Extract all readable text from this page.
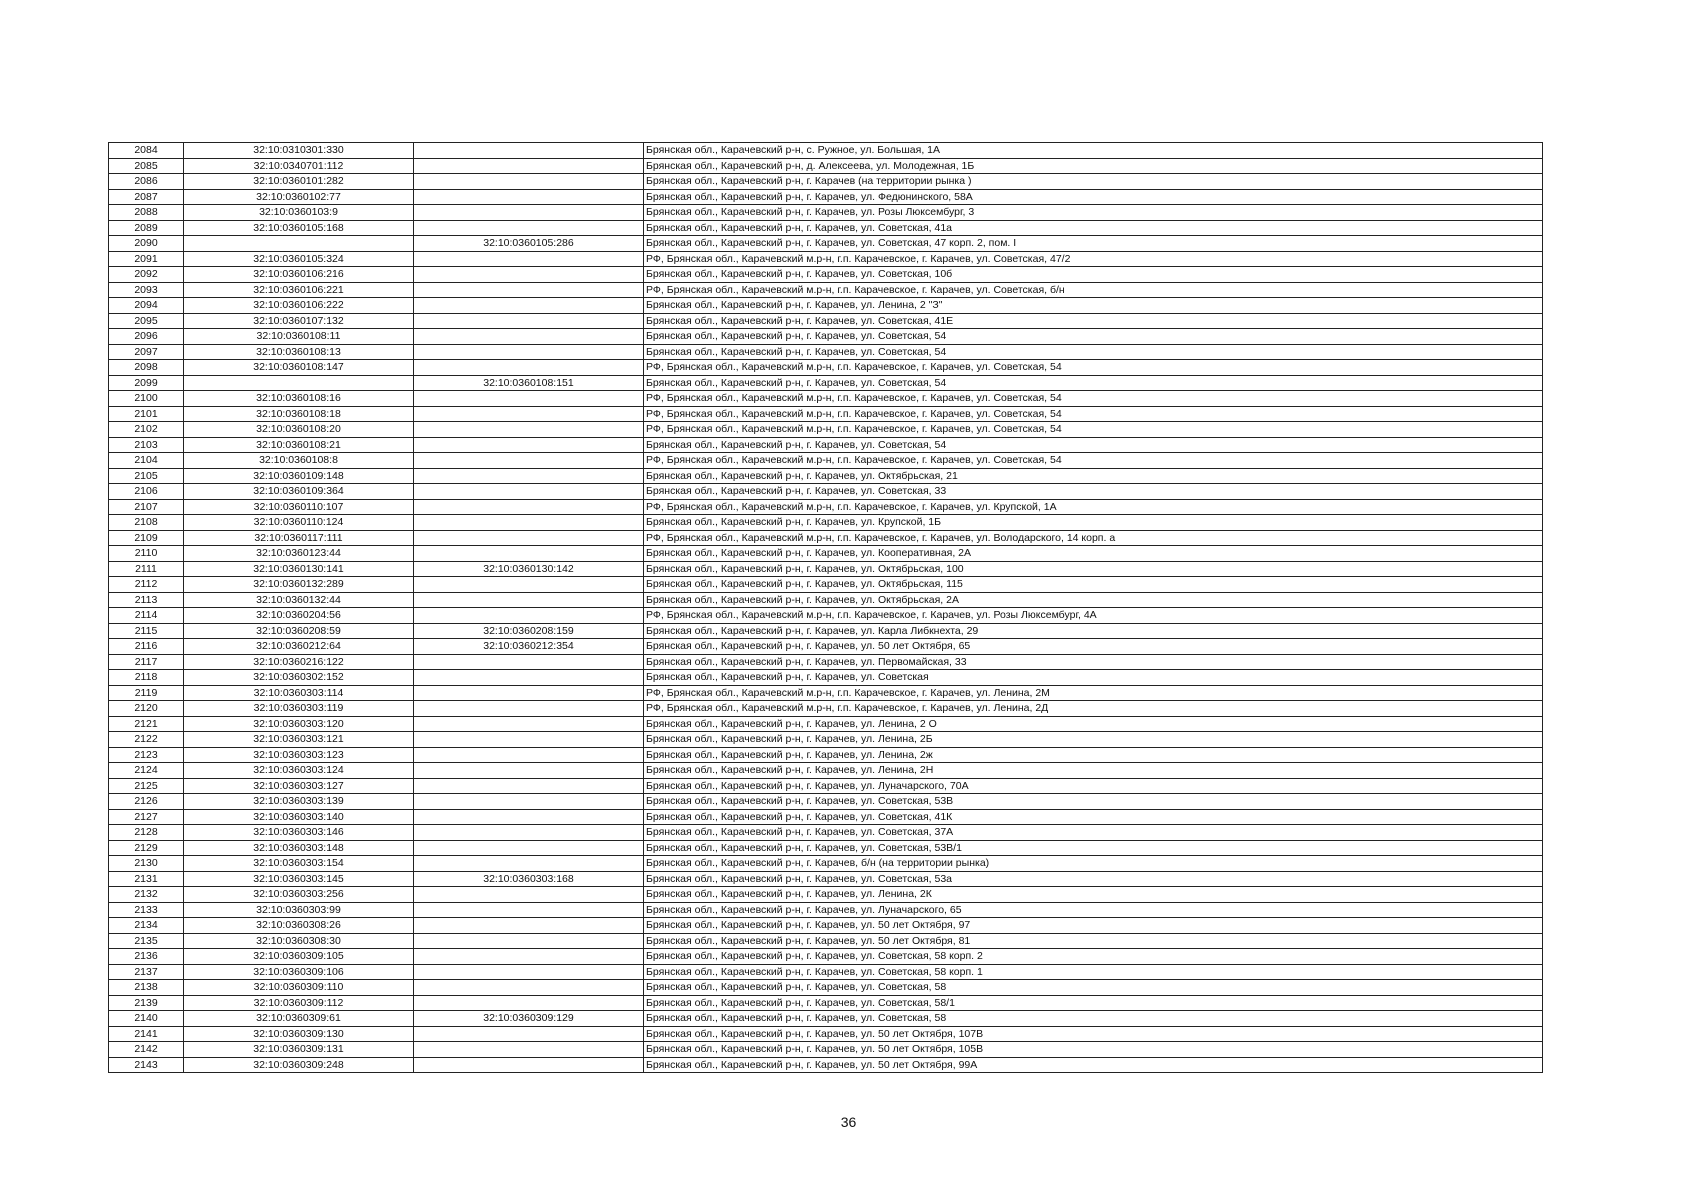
2084	32:10:0310301:330		Брянская обл., Карачевский р-н, с. Ружное, ул. Большая, 1А
2085	32:10:0340701:112		Брянская обл., Карачевский р-н, д. Алексеева, ул. Молодежная, 1Б
2086	32:10:0360101:282		Брянская обл., Карачевский р-н, г. Карачев (на территории рынка )
2087	32:10:0360102:77		Брянская обл., Карачевский р-н, г. Карачев, ул. Федюнинского, 58А
2088	32:10:0360103:9		Брянская обл., Карачевский р-н, г. Карачев, ул. Розы Люксембург, 3
2089	32:10:0360105:168		Брянская обл., Карачевский р-н, г. Карачев, ул. Советская, 41а
2090		32:10:0360105:286	Брянская обл., Карачевский р-н, г. Карачев, ул. Советская, 47 корп. 2, пом. I
2091	32:10:0360105:324		РФ, Брянская обл., Карачевский м.р-н, г.п. Карачевское, г. Карачев, ул. Советская, 47/2
2092	32:10:0360106:216		Брянская обл., Карачевский р-н, г. Карачев, ул. Советская, 10б
2093	32:10:0360106:221		РФ, Брянская обл., Карачевский м.р-н, г.п. Карачевское, г. Карачев, ул. Советская, б/н
2094	32:10:0360106:222		Брянская обл., Карачевский р-н, г. Карачев, ул. Ленина, 2 "З"
2095	32:10:0360107:132		Брянская обл., Карачевский р-н, г. Карачев, ул. Советская, 41Е
2096	32:10:0360108:11		Брянская обл., Карачевский р-н, г. Карачев, ул. Советская, 54
2097	32:10:0360108:13		Брянская обл., Карачевский р-н, г. Карачев, ул. Советская, 54
2098	32:10:0360108:147		РФ, Брянская обл., Карачевский м.р-н, г.п. Карачевское, г. Карачев, ул. Советская, 54
2099		32:10:0360108:151	Брянская обл., Карачевский р-н, г. Карачев, ул. Советская, 54
2100	32:10:0360108:16		РФ, Брянская обл., Карачевский м.р-н, г.п. Карачевское, г. Карачев, ул. Советская, 54
2101	32:10:0360108:18		РФ, Брянская обл., Карачевский м.р-н, г.п. Карачевское, г. Карачев, ул. Советская, 54
2102	32:10:0360108:20		РФ, Брянская обл., Карачевский м.р-н, г.п. Карачевское, г. Карачев, ул. Советская, 54
2103	32:10:0360108:21		Брянская обл., Карачевский р-н, г. Карачев, ул. Советская, 54
2104	32:10:0360108:8		РФ, Брянская обл., Карачевский м.р-н, г.п. Карачевское, г. Карачев, ул. Советская, 54
2105	32:10:0360109:148		Брянская обл., Карачевский р-н, г. Карачев, ул. Октябрьская, 21
2106	32:10:0360109:364		Брянская обл., Карачевский р-н, г. Карачев, ул. Советская, 33
2107	32:10:0360110:107		РФ, Брянская обл., Карачевский м.р-н, г.п. Карачевское, г. Карачев, ул. Крупской, 1А
2108	32:10:0360110:124		Брянская обл., Карачевский р-н, г. Карачев, ул. Крупской, 1Б
2109	32:10:0360117:111		РФ, Брянская обл., Карачевский м.р-н, г.п. Карачевское, г. Карачев, ул. Володарского, 14 корп. а
2110	32:10:0360123:44		Брянская обл., Карачевский р-н, г. Карачев, ул. Кооперативная, 2А
2111	32:10:0360130:141	32:10:0360130:142	Брянская обл., Карачевский р-н, г. Карачев, ул. Октябрьская, 100
2112	32:10:0360132:289		Брянская обл., Карачевский р-н, г. Карачев, ул. Октябрьская, 115
2113	32:10:0360132:44		Брянская обл., Карачевский р-н, г. Карачев, ул. Октябрьская, 2А
2114	32:10:0360204:56		РФ, Брянская обл., Карачевский м.р-н, г.п. Карачевское, г. Карачев, ул. Розы Люксембург, 4А
2115	32:10:0360208:59	32:10:0360208:159	Брянская обл., Карачевский р-н, г. Карачев, ул. Карла Либкнехта, 29
2116	32:10:0360212:64	32:10:0360212:354	Брянская обл., Карачевский р-н, г. Карачев, ул. 50 лет Октября, 65
2117	32:10:0360216:122		Брянская обл., Карачевский р-н, г. Карачев, ул. Первомайская, 33
2118	32:10:0360302:152		Брянская обл., Карачевский р-н, г. Карачев, ул. Советская
2119	32:10:0360303:114		РФ, Брянская обл., Карачевский м.р-н, г.п. Карачевское, г. Карачев, ул. Ленина, 2М
2120	32:10:0360303:119		РФ, Брянская обл., Карачевский м.р-н, г.п. Карачевское, г. Карачев, ул. Ленина, 2Д
2121	32:10:0360303:120		Брянская обл., Карачевский р-н, г. Карачев, ул. Ленина, 2 О
2122	32:10:0360303:121		Брянская обл., Карачевский р-н, г. Карачев, ул. Ленина, 2Б
2123	32:10:0360303:123		Брянская обл., Карачевский р-н, г. Карачев, ул. Ленина, 2ж
2124	32:10:0360303:124		Брянская обл., Карачевский р-н, г. Карачев, ул. Ленина, 2Н
2125	32:10:0360303:127		Брянская обл., Карачевский р-н, г. Карачев, ул. Луначарского, 70А
2126	32:10:0360303:139		Брянская обл., Карачевский р-н, г. Карачев, ул. Советская, 53В
2127	32:10:0360303:140		Брянская обл., Карачевский р-н, г. Карачев, ул. Советская, 41К
2128	32:10:0360303:146		Брянская обл., Карачевский р-н, г. Карачев, ул. Советская, 37А
2129	32:10:0360303:148		Брянская обл., Карачевский р-н, г. Карачев, ул. Советская, 53В/1
2130	32:10:0360303:154		Брянская обл., Карачевский р-н, г. Карачев, б/н (на территории рынка)
2131	32:10:0360303:145	32:10:0360303:168	Брянская обл., Карачевский р-н, г. Карачев, ул. Советская, 53а
2132	32:10:0360303:256		Брянская обл., Карачевский р-н, г. Карачев, ул. Ленина, 2К
2133	32:10:0360303:99		Брянская обл., Карачевский р-н, г. Карачев, ул. Луначарского, 65
2134	32:10:0360308:26		Брянская обл., Карачевский р-н, г. Карачев, ул. 50 лет Октября, 97
2135	32:10:0360308:30		Брянская обл., Карачевский р-н, г. Карачев, ул. 50 лет Октября, 81
2136	32:10:0360309:105		Брянская обл., Карачевский р-н, г. Карачев, ул. Советская, 58 корп. 2
2137	32:10:0360309:106		Брянская обл., Карачевский р-н, г. Карачев, ул. Советская, 58 корп. 1
2138	32:10:0360309:110		Брянская обл., Карачевский р-н, г. Карачев, ул. Советская, 58
2139	32:10:0360309:112		Брянская обл., Карачевский р-н, г. Карачев, ул. Советская, 58/1
2140	32:10:0360309:61	32:10:0360309:129	Брянская обл., Карачевский р-н, г. Карачев, ул. Советская, 58
2141	32:10:0360309:130		Брянская обл., Карачевский р-н, г. Карачев, ул. 50 лет Октября, 107В
2142	32:10:0360309:131		Брянская обл., Карачевский р-н, г. Карачев, ул. 50 лет Октября, 105В
2143	32:10:0360309:248		Брянская обл., Карачевский р-н, г. Карачев, ул. 50 лет Октября, 99А
36
